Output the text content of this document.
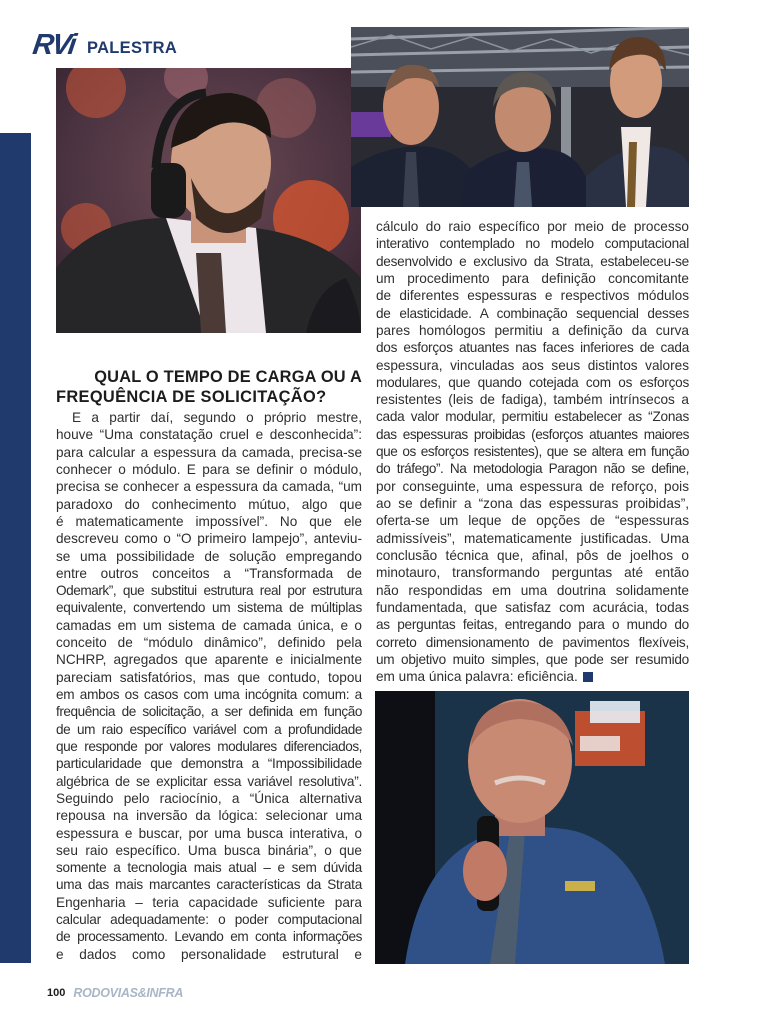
RVi PALESTRA
QUAL O TEMPO DE CARGA OU A
FREQUÊNCIA DE SOLICITAÇÃO?
E a partir daí, segundo o próprio mestre,
houve “Uma constatação cruel e desconhecida”:
para calcular a espessura da camada, precisa-se
conhecer o módulo. E para se definir o módulo,
precisa se conhecer a espessura da camada, “um
paradoxo do conhecimento mútuo, algo que
é matematicamente impossível”. No que ele
descreveu como o “O primeiro lampejo”, anteviu-
se uma possibilidade de solução empregando
entre outros conceitos a “Transformada de
Odemark”, que substitui estrutura real por estrutura
equivalente, convertendo um sistema de múltiplas
camadas em um sistema de camada única, e o
conceito de “módulo dinâmico”, definido pela
NCHRP, agregados que aparente e inicialmente
pareciam satisfatórios, mas que contudo, topou
em ambos os casos com uma incógnita comum: a
frequência de solicitação, a ser definida em função
de um raio específico variável com a profundidade
que responde por valores modulares diferenciados,
particularidade que demonstra a “Impossibilidade
algébrica de se explicitar essa variável resolutiva”.
Seguindo pelo raciocínio, a “Única alternativa
repousa na inversão da lógica: selecionar uma
espessura e buscar, por uma busca interativa, o
seu raio específico. Uma busca binária”, o que
somente a tecnologia mais atual – e sem dúvida
uma das mais marcantes características da Strata
Engenharia – teria capacidade suficiente para
calcular adequadamente: o poder computacional
de processamento. Levando em conta informações
e dados como personalidade estrutural e
cálculo do raio específico por meio de processo
interativo contemplado no modelo computacional
desenvolvido e exclusivo da Strata, estabeleceu-se
um procedimento para definição concomitante
de diferentes espessuras e respectivos módulos
de elasticidade. A combinação sequencial desses
pares homólogos permitiu a definição da curva
dos esforços atuantes nas faces inferiores de cada
espessura, vinculadas aos seus distintos valores
modulares, que quando cotejada com os esforços
resistentes (leis de fadiga), também intrínsecos a
cada valor modular, permitiu estabelecer as “Zonas
das espessuras proibidas (esforços atuantes maiores
que os esforços resistentes), que se altera em função
do tráfego”. Na metodologia Paragon não se define,
por conseguinte, uma espessura de reforço, pois
ao se definir a “zona das espessuras proibidas”,
oferta-se um leque de opções de “espessuras
admissíveis”, matematicamente justificadas. Uma
conclusão técnica que, afinal, pôs de joelhos o
minotauro, transformando perguntas até então
não respondidas em uma doutrina solidamente
fundamentada, que satisfaz com acurácia, todas
as perguntas feitas, entregando para o mundo do
correto dimensionamento de pavimentos flexíveis,
um objetivo muito simples, que pode ser resumido
em uma única palavra: eficiência.
100 RODOVIAS&INFRA
